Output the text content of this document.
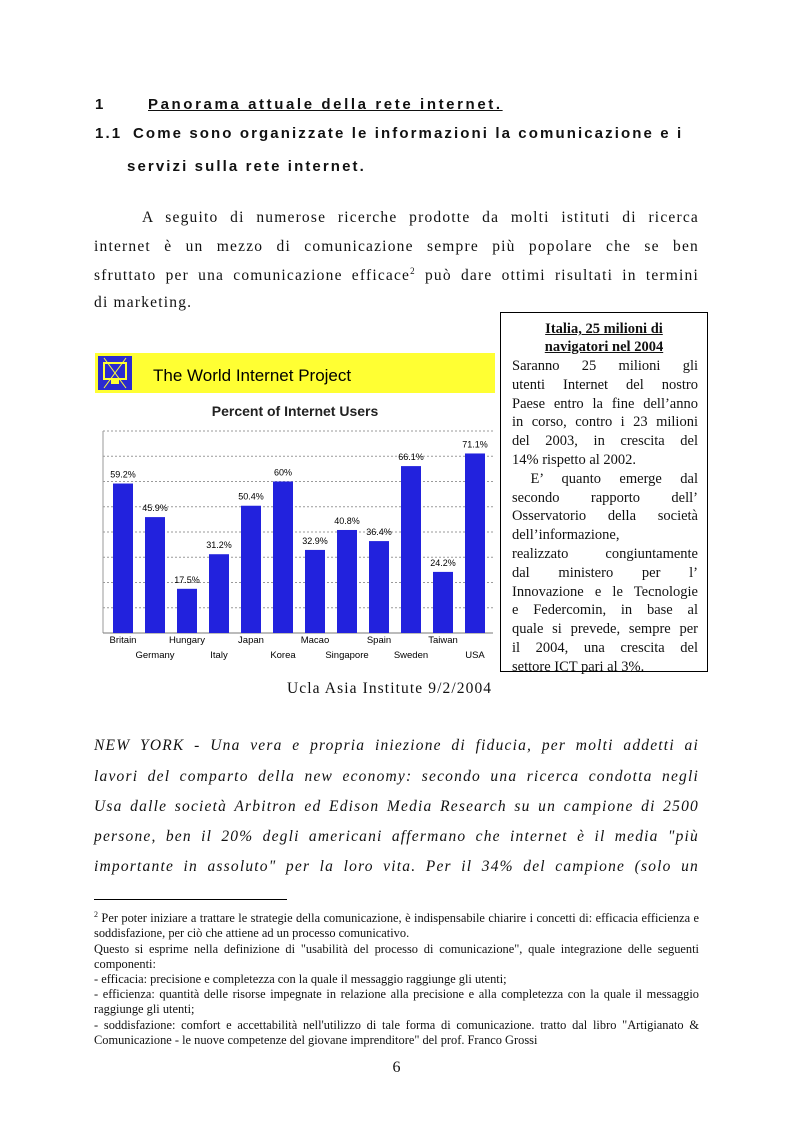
1	Panorama attuale della rete internet.
1.1 Come sono organizzate le informazioni la comunicazione e i
servizi sulla rete internet.
A seguito di numerose ricerche prodotte da molti istituti di ricerca
internet è un mezzo di comunicazione sempre più popolare che se ben
sfruttato per una comunicazione efficace$^2$ può dare ottimi risultati in termini
di marketing.
Italia, 25 milioni di
navigatori nel 2004
Saranno 25 milioni gli
utenti Internet del nostro
Paese entro la fine dell’anno
in corso, contro i 23 milioni
del 2003, in crescita del
14% rispetto al 2002.
E’ quanto emerge dal
secondo rapporto dell’
Osservatorio della società
dell’informazione,
realizzato congiuntamente
dal ministero per l’
Innovazione e le Tecnologie
e Federcomin, in base al
quale si prevede, sempre per
il 2004, una crescita del
settore ICT pari al 3%.
The World Internet Project
Percent of Internet Users
59.2%
Britain
45.9%
Germany
17.5%
Hungary
31.2%
Italy
50.4%
Japan
60%
Korea
32.9%
Macao
40.8%
Singapore
36.4%
Spain
66.1%
Sweden
24.2%
Taiwan
71.1%
USA
Ucla Asia Institute 9/2/2004
NEW YORK - Una vera e propria iniezione di fiducia, per molti addetti ai
lavori del comparto della new economy: secondo una ricerca condotta negli
Usa dalle società Arbitron ed Edison Media Research su un campione di 2500
persone, ben il 20% degli americani affermano che internet è il media "più
importante in assoluto" per la loro vita. Per il 34% del campione (solo un

$^2$ Per poter iniziare a trattare le strategie della comunicazione, è indispensabile chiarire i concetti di: efficacia efficienza e soddisfazione, per ciò che attiene ad un processo comunicativo.

Questo si esprime nella definizione di "usabilità del processo di comunicazione", quale integrazione delle seguenti componenti:

- efficacia: precisione e completezza con la quale il messaggio raggiunge gli utenti;

- efficienza: quantità delle risorse impegnate in relazione alla precisione e alla completezza con la quale il messaggio raggiunge gli utenti;

- soddisfazione: comfort e accettabilità nell'utilizzo di tale forma di comunicazione. tratto dal libro "Artigianato & Comunicazione - le nuove competenze del giovane imprenditore" del prof. Franco Grossi

6
